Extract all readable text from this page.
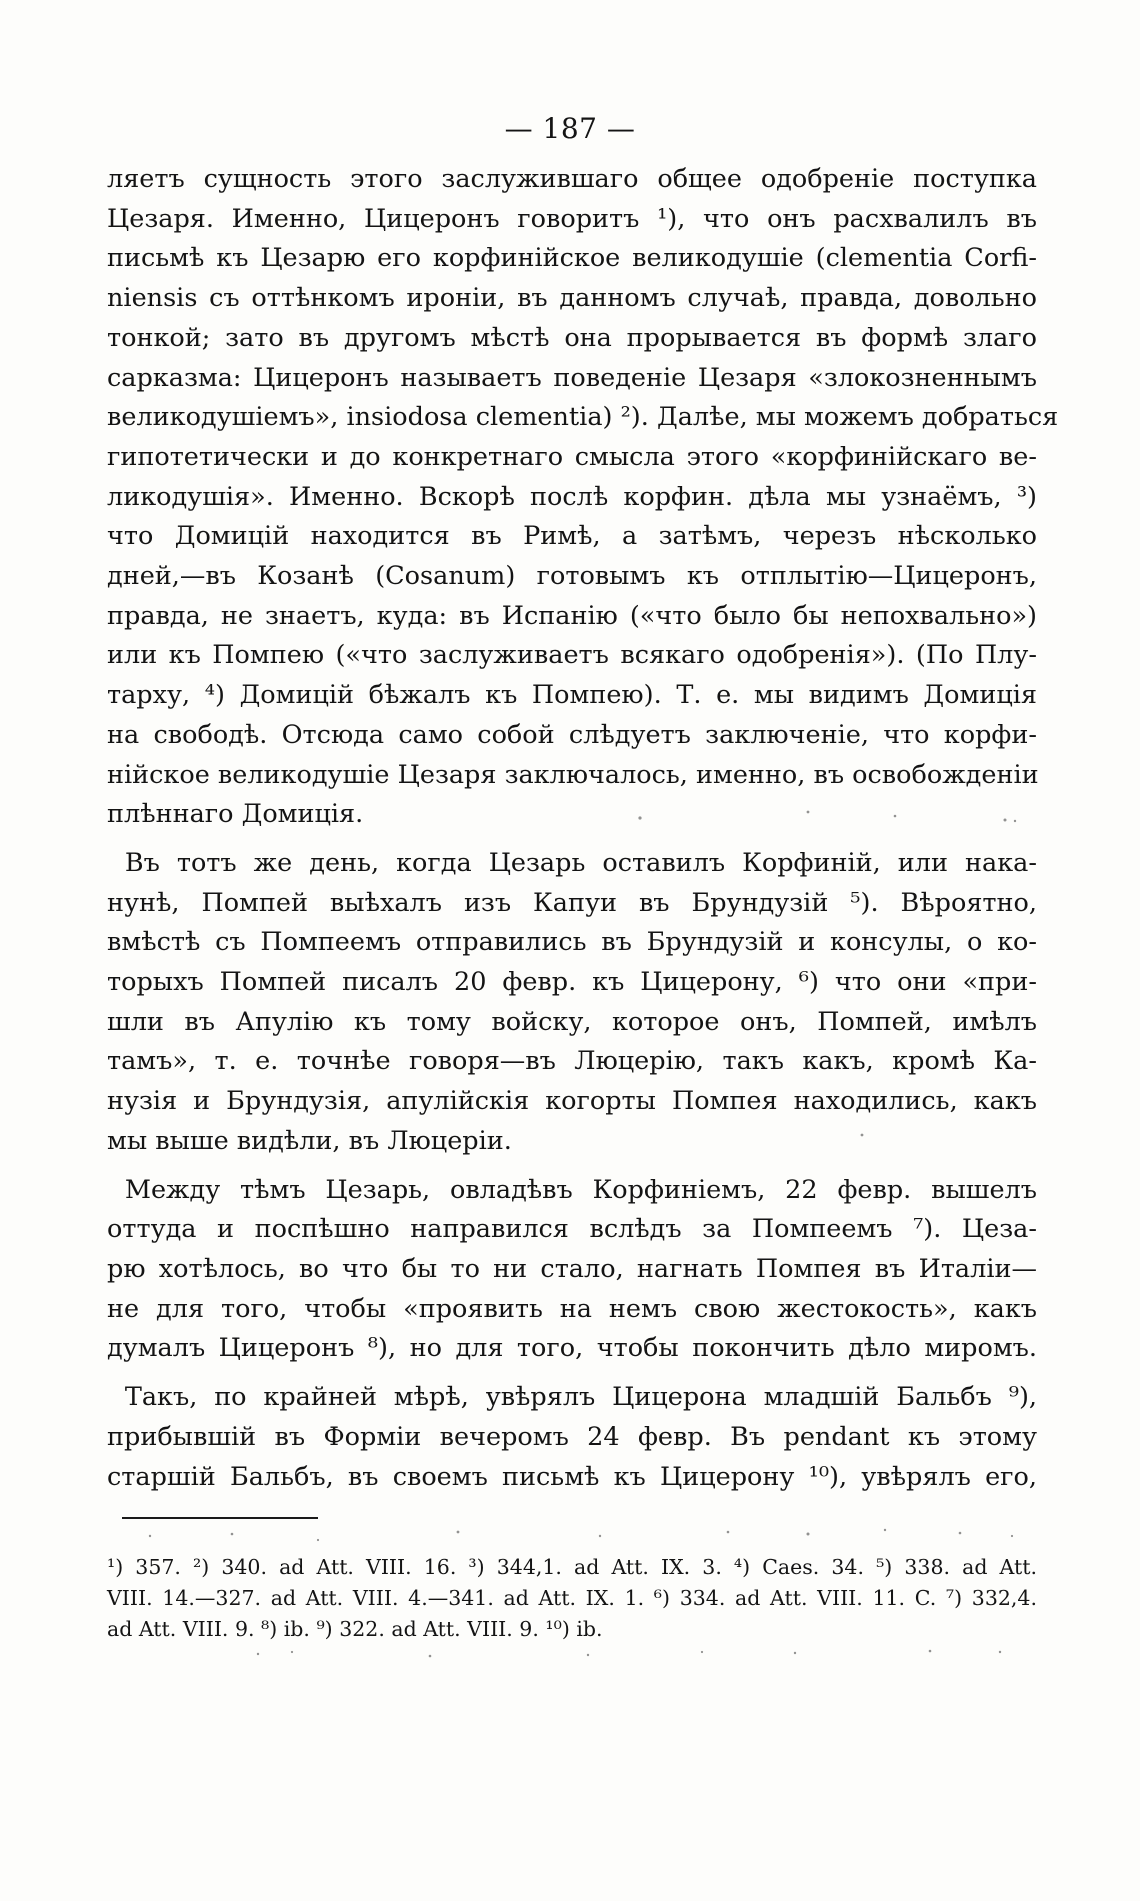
— 187 —
ляетъ сущность этого заслужившаго общее одобреніе поступка
Цезаря. Именно, Цицеронъ говоритъ ¹), что онъ расхвалилъ въ
письмѣ къ Цезарю его корфинійское великодушіе (clementia Corfi-
niensis съ оттѣнкомъ ироніи, въ данномъ случаѣ, правда, довольно
тонкой; зато въ другомъ мѣстѣ она прорывается въ формѣ злаго
сарказма: Цицеронъ называетъ поведеніе Цезаря «злокозненнымъ
великодушіемъ», insiodosa clementia) ²). Далѣе, мы можемъ добраться
гипотетически и до конкретнаго смысла этого «корфинійскаго ве-
ликодушія». Именно. Вскорѣ послѣ корфин. дѣла мы узнаёмъ, ³)
что Домицій находится въ Римѣ, а затѣмъ, черезъ нѣсколько
дней,—въ Козанѣ (Cosanum) готовымъ къ отплытію—Цицеронъ,
правда, не знаетъ, куда: въ Испанію («что было бы непохвально»)
или къ Помпею («что заслуживаетъ всякаго одобренія»). (По Плу-
тарху, ⁴) Домицій бѣжалъ къ Помпею). Т. е. мы видимъ Домиція
на свободѣ. Отсюда само собой слѣдуетъ заключеніе, что корфи-
нійское великодушіе Цезаря заключалось, именно, въ освобожденіи
плѣннаго Домиція.
Въ тотъ же день, когда Цезарь оставилъ Корфиній, или нака-
нунѣ, Помпей выѣхалъ изъ Капуи въ Брундузій ⁵). Вѣроятно,
вмѣстѣ съ Помпеемъ отправились въ Брундузій и консулы, о ко-
торыхъ Помпей писалъ 20 февр. къ Цицерону, ⁶) что они «при-
шли въ Апулію къ тому войску, которое онъ, Помпей, имѣлъ
тамъ», т. е. точнѣе говоря—въ Люцерію, такъ какъ, кромѣ Ка-
нузія и Брундузія, апулійскія когорты Помпея находились, какъ
мы выше видѣли, въ Люцеріи.
Между тѣмъ Цезарь, овладѣвъ Корфиніемъ, 22 февр. вышелъ
оттуда и поспѣшно направился вслѣдъ за Помпеемъ ⁷). Цеза-
рю хотѣлось, во что бы то ни стало, нагнать Помпея въ Италіи—
не для того, чтобы «проявить на немъ свою жестокость», какъ
думалъ Цицеронъ ⁸), но для того, чтобы покончить дѣло миромъ.
Такъ, по крайней мѣрѣ, увѣрялъ Цицерона младшій Бальбъ ⁹),
прибывшій въ Форміи вечеромъ 24 февр. Въ pendant къ этому
старшій Бальбъ, въ своемъ письмѣ къ Цицерону ¹⁰), увѣрялъ его,
¹) 357. ²) 340. ad Att. VIII. 16. ³) 344,1. ad Att. IX. 3. ⁴) Caes. 34. ⁵) 338. ad Att.
VIII. 14.—327. ad Att. VIII. 4.—341. ad Att. IX. 1. ⁶) 334. ad Att. VIII. 11. C. ⁷) 332,4.
ad Att. VIII. 9. ⁸) ib. ⁹) 322. ad Att. VIII. 9. ¹⁰) ib.
